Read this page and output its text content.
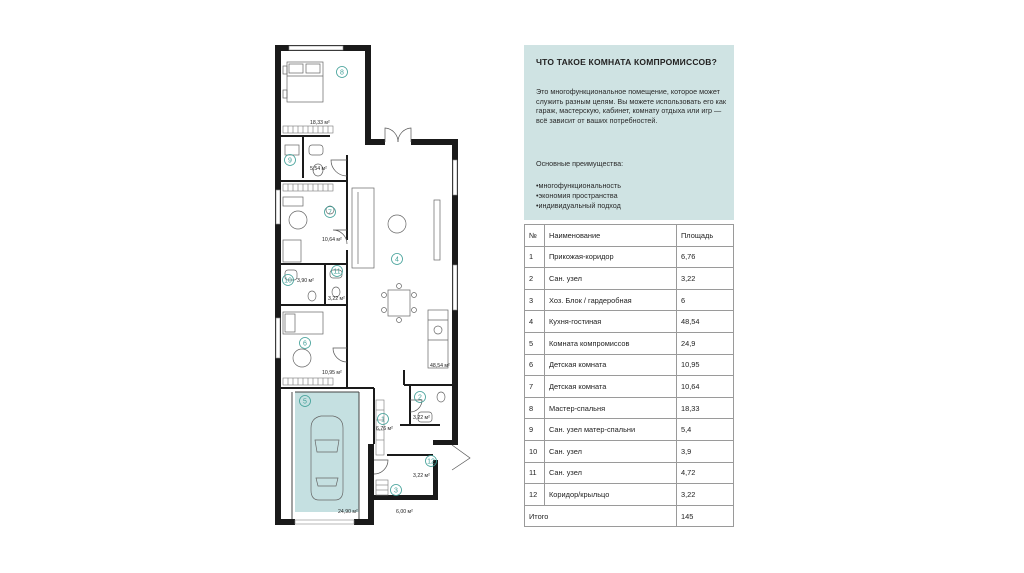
1
2
3
4
5
6
7
8
9
10
11
12
6,76 м²
3,22 м²
6,00 м²
48,54 м²
24,90 м²
10,95 м²
10,64 м²
18,33 м²
5,54 м²
3,90 м²
3,22 м²
3,22 м²
ЧТО ТАКОЕ КОМНАТА КОМПРОМИССОВ?
Это многофункциональное помещение, которое может служить разным целям. Вы можете использовать его как гараж, мастерскую, кабинет, комнату отдыха или игр — всё зависит от ваших потребностей.
Основные преимущества:
•многофункциональность
•экономия пространства
•индивидуальный подход
№	Наименование	Площадь
1	Прикожая-коридор	6,76
2	Сан. узел	3,22
3	Хоз. Блок / гардеробная	6
4	Кухня-гостиная	48,54
5	Комната компромиссов	24,9
6	Детская комната	10,95
7	Детская комната	10,64
8	Мастер-спальня	18,33
9	Сан. узел матер-спальни	5,4
10	Сан. узел	3,9
11	Сан. узел	4,72
12	Коридор/крыльцо	3,22
Итого		145
